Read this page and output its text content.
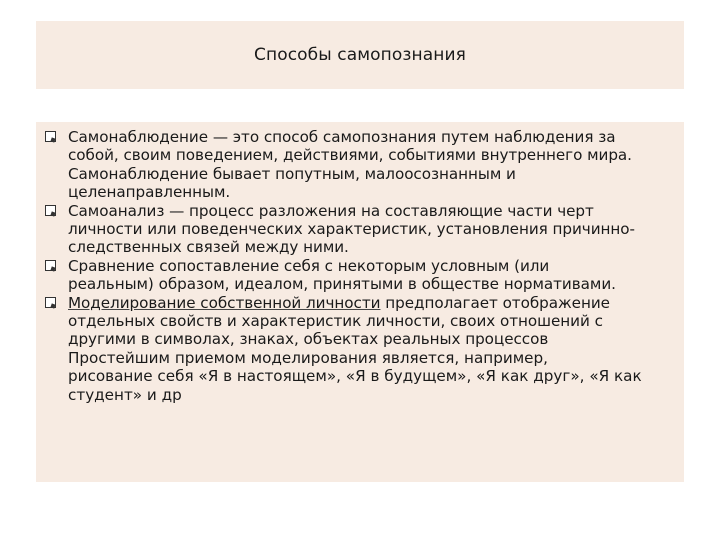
Способы самопознания
Самонаблюдение — это способ самопознания путем наблюдения за
собой, своим поведением, действиями, событиями внутреннего мира.
Самонаблюдение бывает попутным, малоосознанным и
целенаправленным.
Самоанализ — процесс разложения на составляющие части черт
личности или поведенческих характеристик, установления причинно-
следственных связей между ними.
Сравнение сопоставление себя с некоторым условным (или
реальным) образом, идеалом, принятыми в обществе нормативами.
Моделирование собственной личности предполагает отображение
отдельных свойств и характеристик личности, своих отношений с
другими в символах, знаках, объектах реальных процессов
Простейшим приемом моделирования является, например,
рисование себя «Я в настоящем», «Я в будущем», «Я как друг», «Я как
студент» и др
